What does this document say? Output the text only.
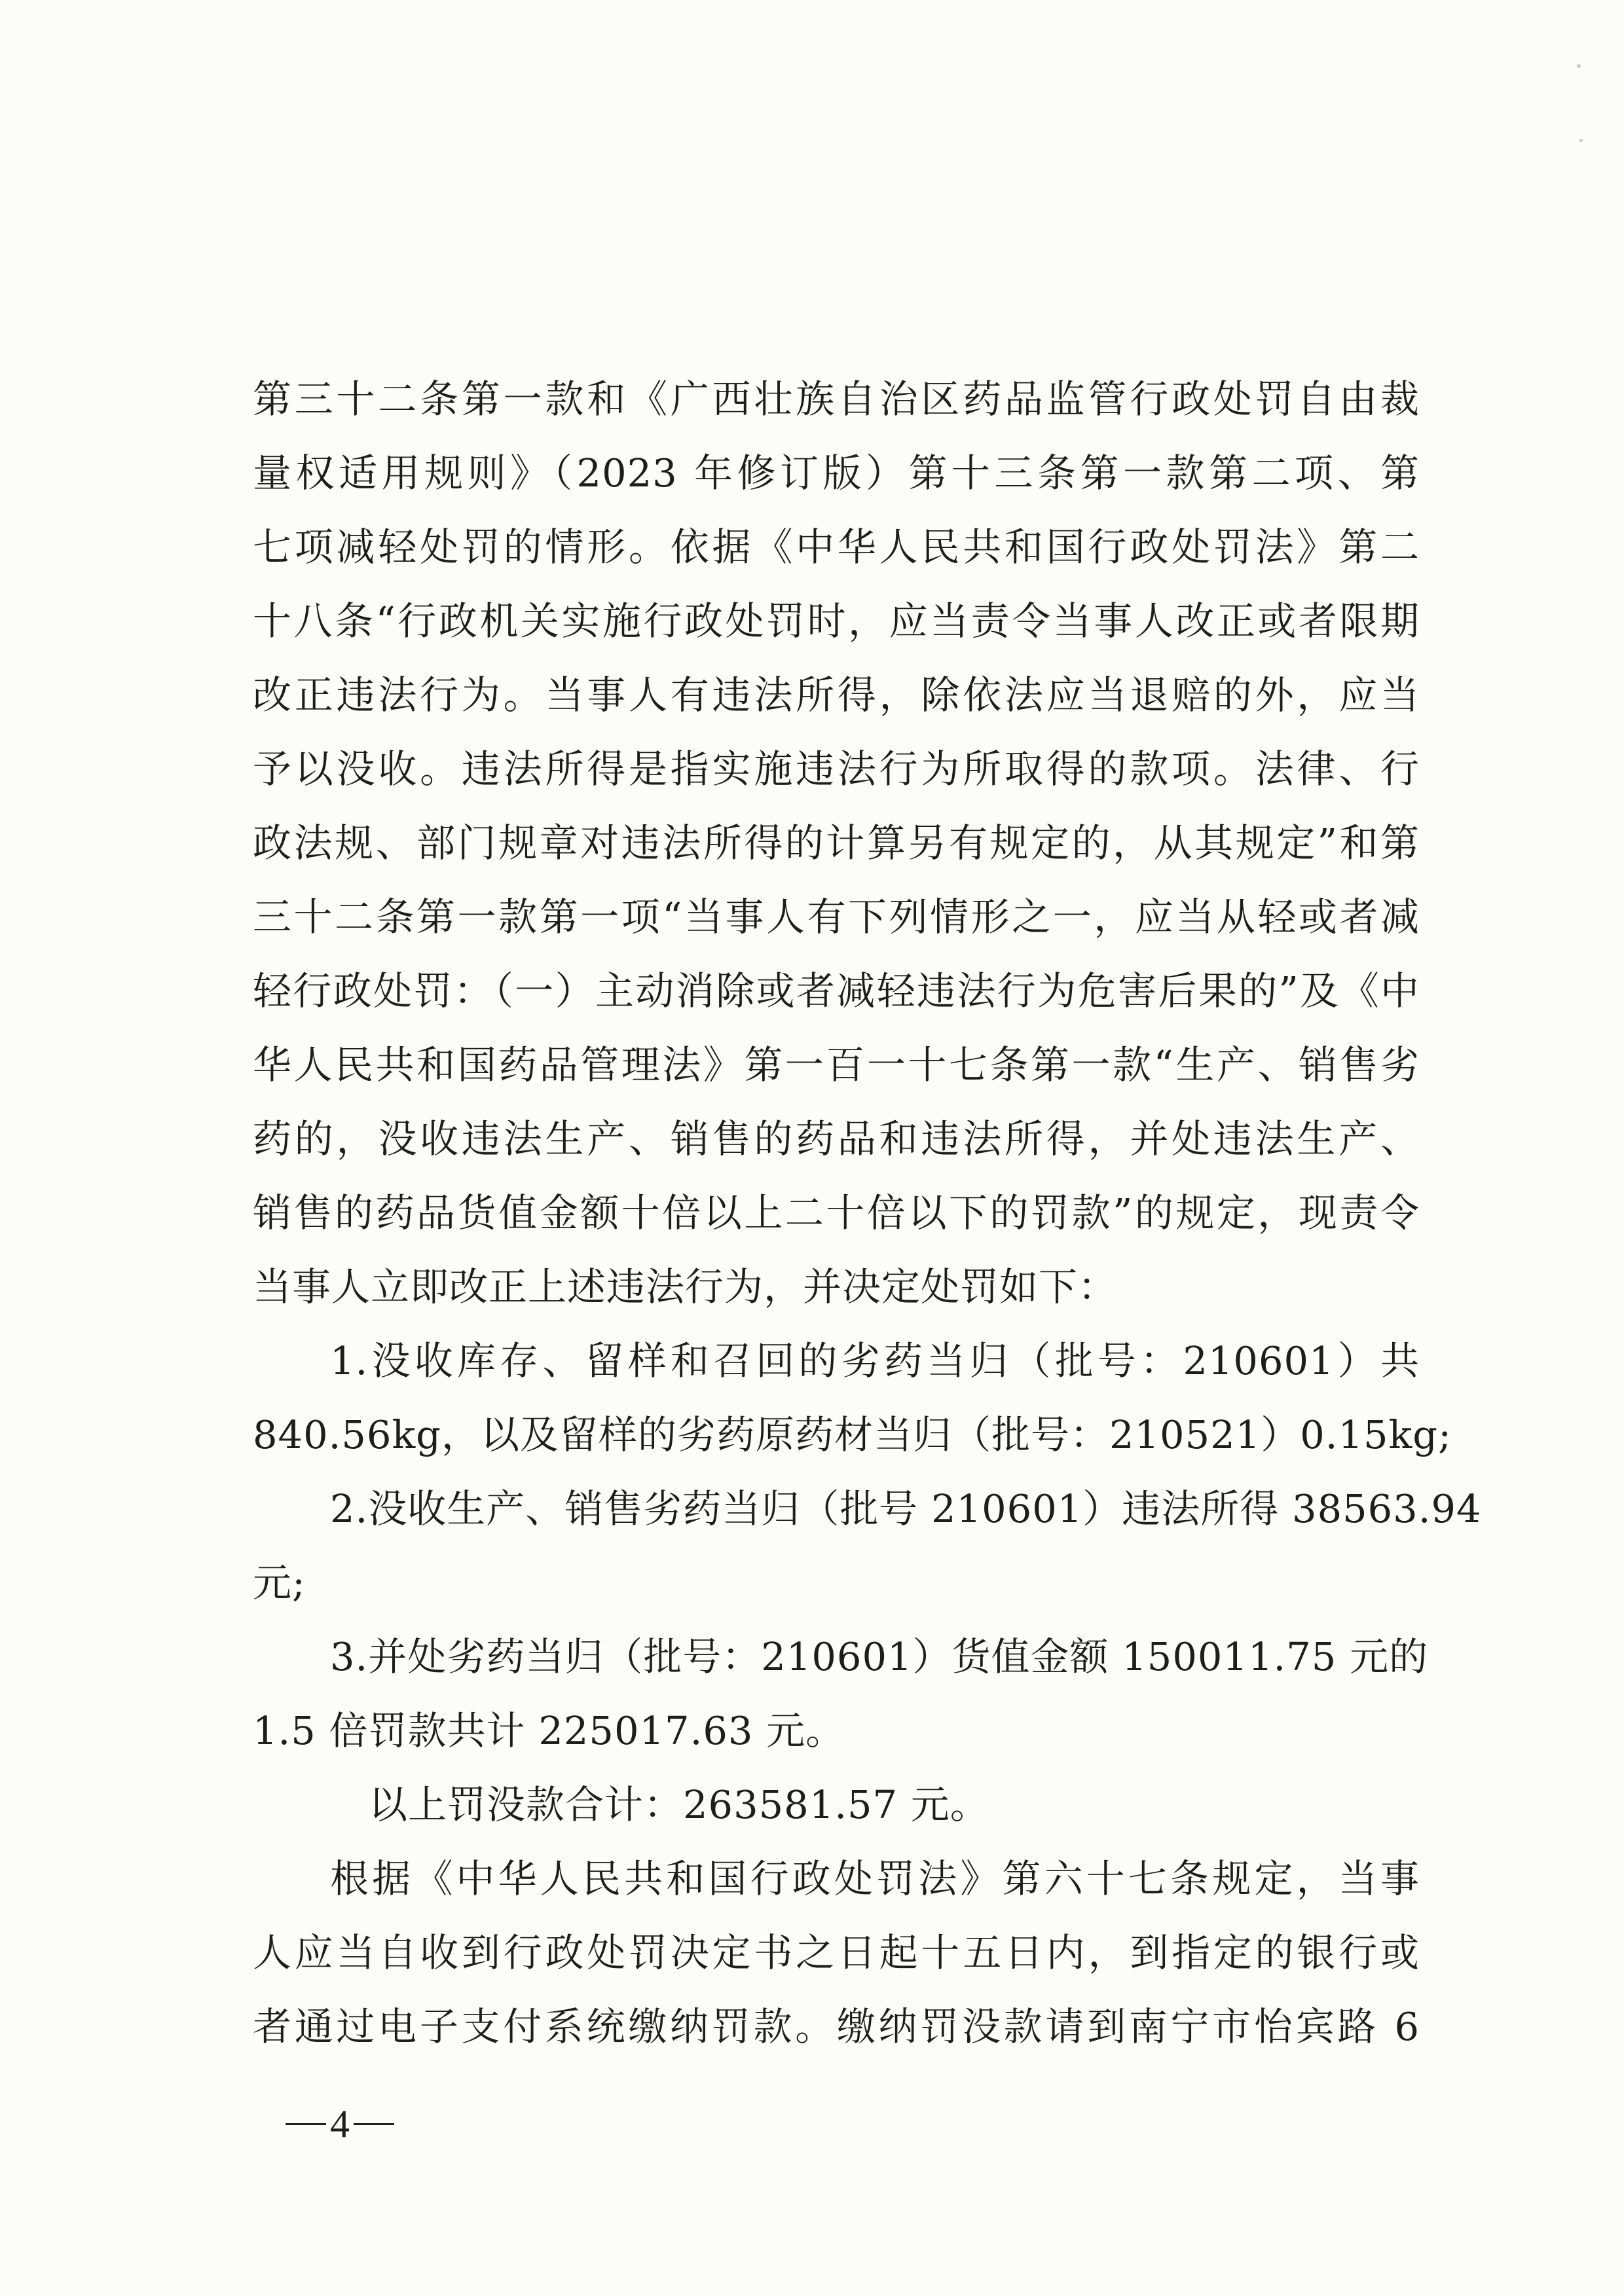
第三十二条第一款和《广西壮族自治区药品监管行政处罚自由裁
量权适用规则》（2023 年修订版）第十三条第一款第二项、第
七项减轻处罚的情形。依据《中华人民共和国行政处罚法》第二
十八条“行政机关实施行政处罚时，应当责令当事人改正或者限期
改正违法行为。当事人有违法所得，除依法应当退赔的外，应当
予以没收。违法所得是指实施违法行为所取得的款项。法律、行
政法规、部门规章对违法所得的计算另有规定的，从其规定”和第
三十二条第一款第一项“当事人有下列情形之一，应当从轻或者减
轻行政处罚：（一）主动消除或者减轻违法行为危害后果的”及《中
华人民共和国药品管理法》第一百一十七条第一款“生产、销售劣
药的，没收违法生产、销售的药品和违法所得，并处违法生产、
销售的药品货值金额十倍以上二十倍以下的罚款”的规定，现责令
当事人立即改正上述违法行为，并决定处罚如下：
1.没收库存、留样和召回的劣药当归（批号：210601）共
840.56kg，以及留样的劣药原药材当归（批号：210521）0.15kg;
2.没收生产、销售劣药当归（批号 210601）违法所得 38563.94
元;
3.并处劣药当归（批号：210601）货值金额 150011.75 元的
1.5 倍罚款共计 225017.63 元。
以上罚没款合计：263581.57 元。
根据《中华人民共和国行政处罚法》第六十七条规定，当事
人应当自收到行政处罚决定书之日起十五日内，到指定的银行或
者通过电子支付系统缴纳罚款。缴纳罚没款请到南宁市怡宾路 6
4
